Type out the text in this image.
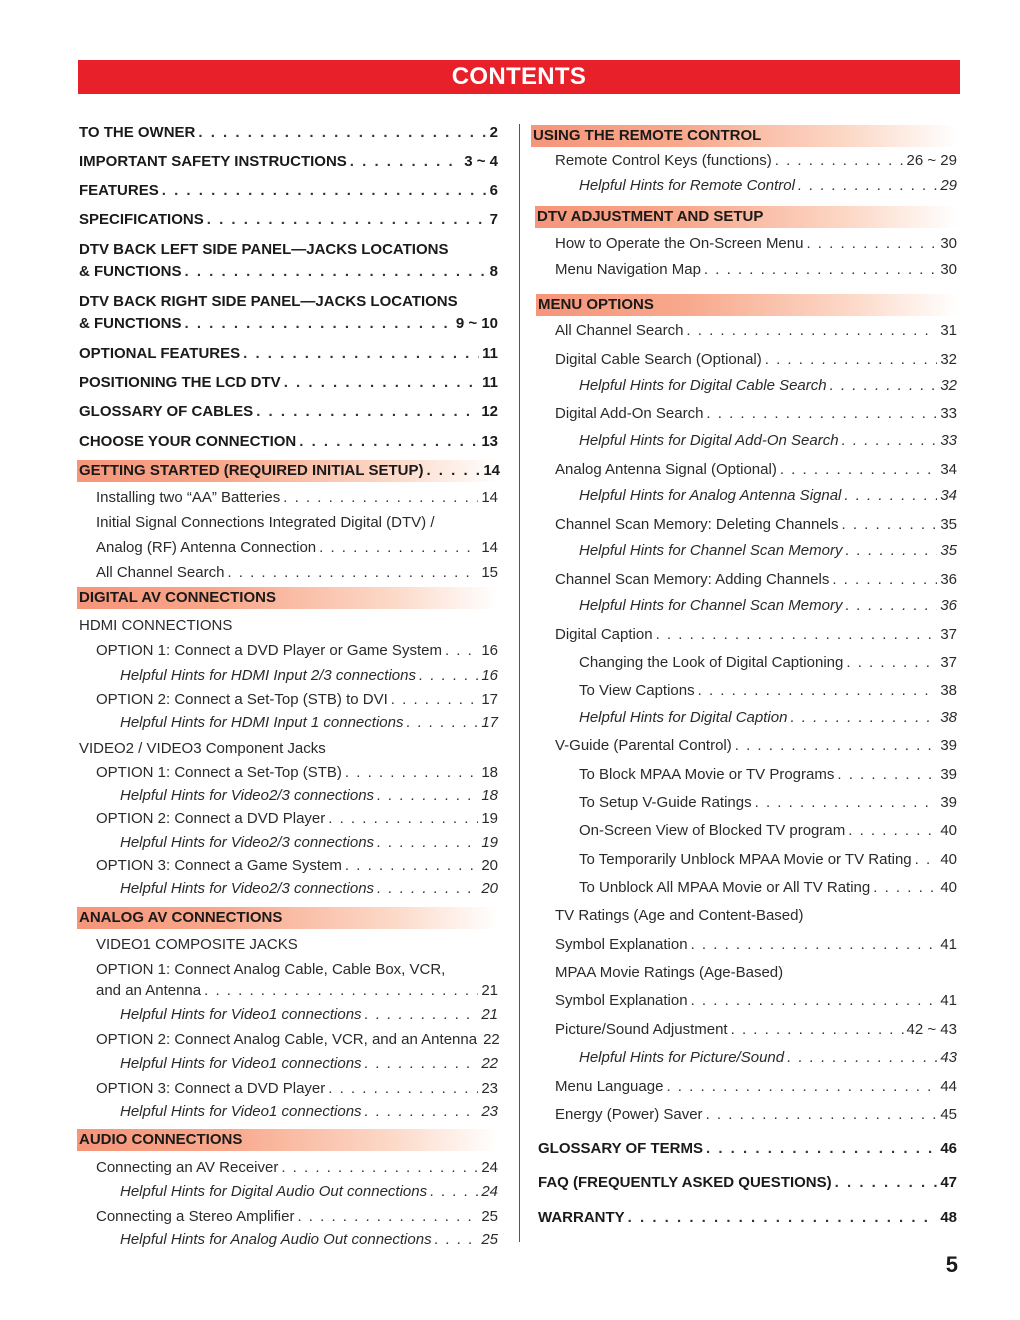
CONTENTS
TO THE OWNER . . .	2
IMPORTANT SAFETY INSTRUCTIONS . . .	3 ~ 4
FEATURES . . .	6
SPECIFICATIONS . . .	7
DTV BACK LEFT SIDE PANEL—JACKS LOCATIONS
& FUNCTIONS . . .	8
DTV BACK RIGHT SIDE PANEL—JACKS LOCATIONS
& FUNCTIONS . . .	9 ~ 10
OPTIONAL FEATURES . . .	11
POSITIONING THE LCD DTV . . .	11
GLOSSARY OF CABLES . . .	12
CHOOSE YOUR CONNECTION . . .	13
GETTING STARTED (REQUIRED INITIAL SETUP) . . .	14
Installing two “AA” Batteries . . .	14
Initial Signal Connections Integrated Digital (DTV) /
Analog (RF) Antenna Connection . . .	14
All Channel Search . . .	15
DIGITAL AV CONNECTIONS
HDMI CONNECTIONS
OPTION 1: Connect a DVD Player or Game System . . .	16
Helpful Hints for HDMI Input 2/3 connections . . .	16
OPTION 2: Connect a Set-Top (STB) to DVI . . .	17
Helpful Hints for HDMI Input 1 connections . . .	17
VIDEO2 / VIDEO3 Component Jacks
OPTION 1: Connect a Set-Top (STB) . . .	18
Helpful Hints for Video2/3 connections . . .	18
OPTION 2: Connect a DVD Player . . .	19
Helpful Hints for Video2/3 connections . . .	19
OPTION 3: Connect a Game System . . .	20
Helpful Hints for Video2/3 connections . . .	20
ANALOG AV CONNECTIONS
VIDEO1 COMPOSITE JACKS
OPTION 1: Connect Analog Cable, Cable Box, VCR,
and an Antenna . . .	21
Helpful Hints for Video1 connections . . .	21
OPTION 2: Connect Analog Cable, VCR, and an Antenna 22
Helpful Hints for Video1 connections . . .	22
OPTION 3: Connect a DVD Player . . .	23
Helpful Hints for Video1 connections . . .	23
AUDIO CONNECTIONS
Connecting an AV Receiver . . .	24
Helpful Hints for Digital Audio Out connections . . .	24
Connecting a Stereo Amplifier . . .	25
Helpful Hints for Analog Audio Out connections . . .	25
USING THE REMOTE CONTROL
Remote Control Keys (functions) . . .	26 ~ 29
Helpful Hints for Remote Control . . .	29
DTV ADJUSTMENT AND SETUP
How to Operate the On-Screen Menu . . .	30
Menu Navigation Map . . .	30
MENU OPTIONS
All Channel Search . . .	31
Digital Cable Search (Optional) . . .	32
Helpful Hints for Digital Cable Search . . .	32
Digital Add-On Search . . .	33
Helpful Hints for Digital Add-On Search . . .	33
Analog Antenna Signal (Optional) . . .	34
Helpful Hints for Analog Antenna Signal . . .	34
Channel Scan Memory: Deleting Channels . . .	35
Helpful Hints for Channel Scan Memory . . .	35
Channel Scan Memory: Adding Channels . . .	36
Helpful Hints for Channel Scan Memory . . .	36
Digital Caption . . .	37
Changing the Look of Digital Captioning . . .	37
To View Captions . . .	38
Helpful Hints for Digital Caption . . .	38
V-Guide (Parental Control) . . .	39
To Block MPAA Movie or TV Programs . . .	39
To Setup V-Guide Ratings . . .	39
On-Screen View of Blocked TV program . . .	40
To Temporarily Unblock MPAA Movie or TV Rating . . . 40
To Unblock All MPAA Movie or All TV Rating . . .	40
TV Ratings (Age and Content-Based)
Symbol Explanation . . .	41
MPAA Movie Ratings (Age-Based)
Symbol Explanation . . .	41
Picture/Sound Adjustment . . .	42 ~ 43
Helpful Hints for Picture/Sound . . .	43
Menu Language . . .	44
Energy (Power) Saver . . .	45
GLOSSARY OF TERMS . . .	46
FAQ (FREQUENTLY ASKED QUESTIONS) . . .	47
WARRANTY . . .	48
5
